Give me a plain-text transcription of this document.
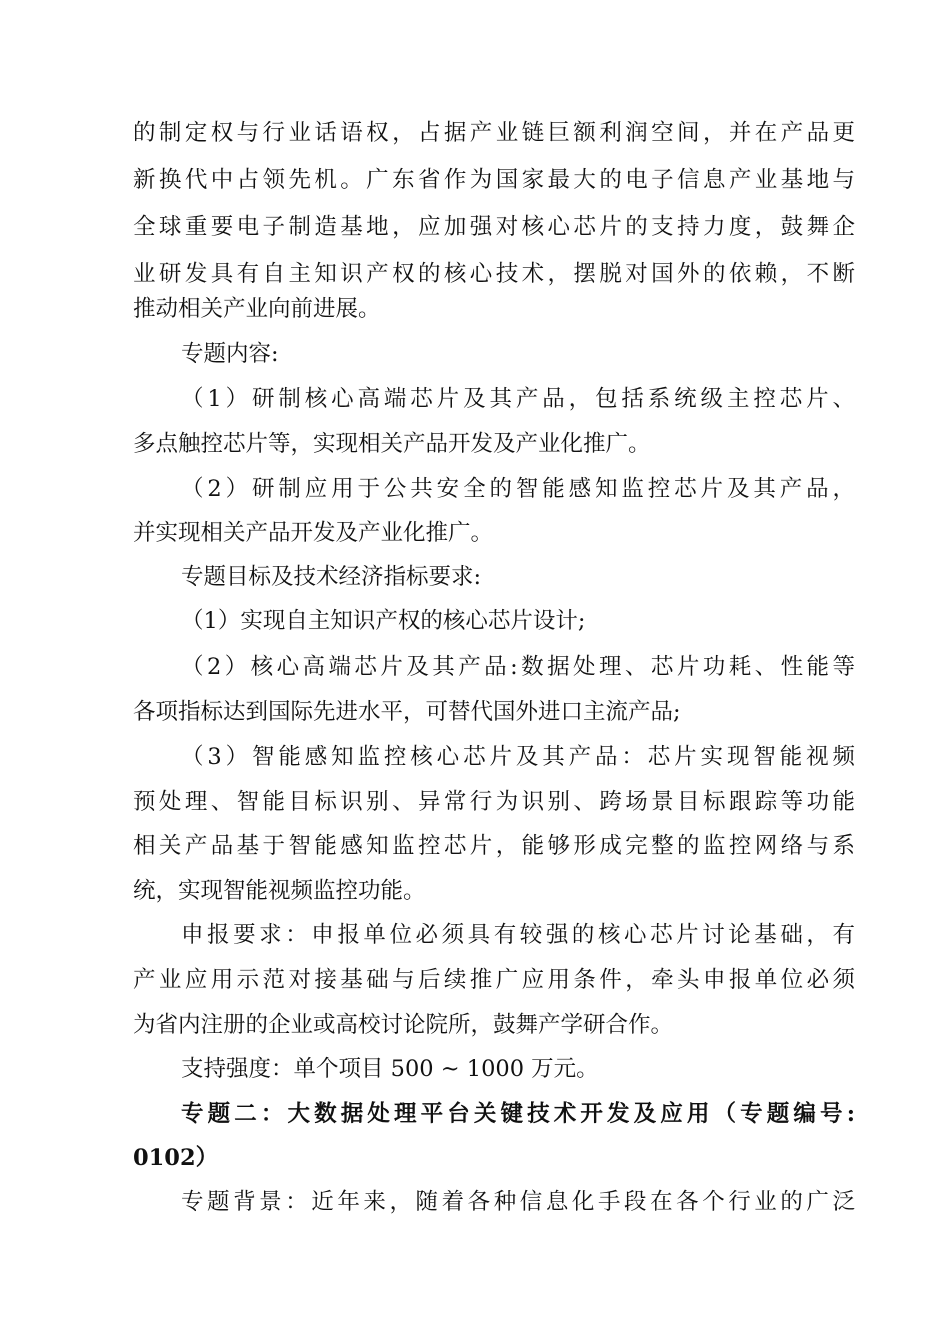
的制定权与行业话语权，占据产业链巨额利润空间，并在产品更
新换代中占领先机。广东省作为国家最大的电子信息产业基地与
全球重要电子制造基地，应加强对核心芯片的支持力度，鼓舞企
业研发具有自主知识产权的核心技术，摆脱对国外的依赖，不断
推动相关产业向前进展。
专题内容:
（1）研制核心高端芯片及其产品，包括系统级主控芯片、
多点触控芯片等，实现相关产品开发及产业化推广。
（2）研制应用于公共安全的智能感知监控芯片及其产品，
并实现相关产品开发及产业化推广。
专题目标及技术经济指标要求:
（1）实现自主知识产权的核心芯片设计;
（2）核心高端芯片及其产品:数据处理、芯片功耗、性能等
各项指标达到国际先进水平，可替代国外进口主流产品;
（3）智能感知监控核心芯片及其产品：芯片实现智能视频
预处理、智能目标识别、异常行为识别、跨场景目标跟踪等功能
相关产品基于智能感知监控芯片，能够形成完整的监控网络与系
统，实现智能视频监控功能。
申报要求：申报单位必须具有较强的核心芯片讨论基础，有
产业应用示范对接基础与后续推广应用条件，牵头申报单位必须
为省内注册的企业或高校讨论院所，鼓舞产学研合作。
支持强度：单个项目 500 ~ 1000 万元。
专题二：大数据处理平台关键技术开发及应用（专题编号:
0102）
专题背景：近年来，随着各种信息化手段在各个行业的广泛
